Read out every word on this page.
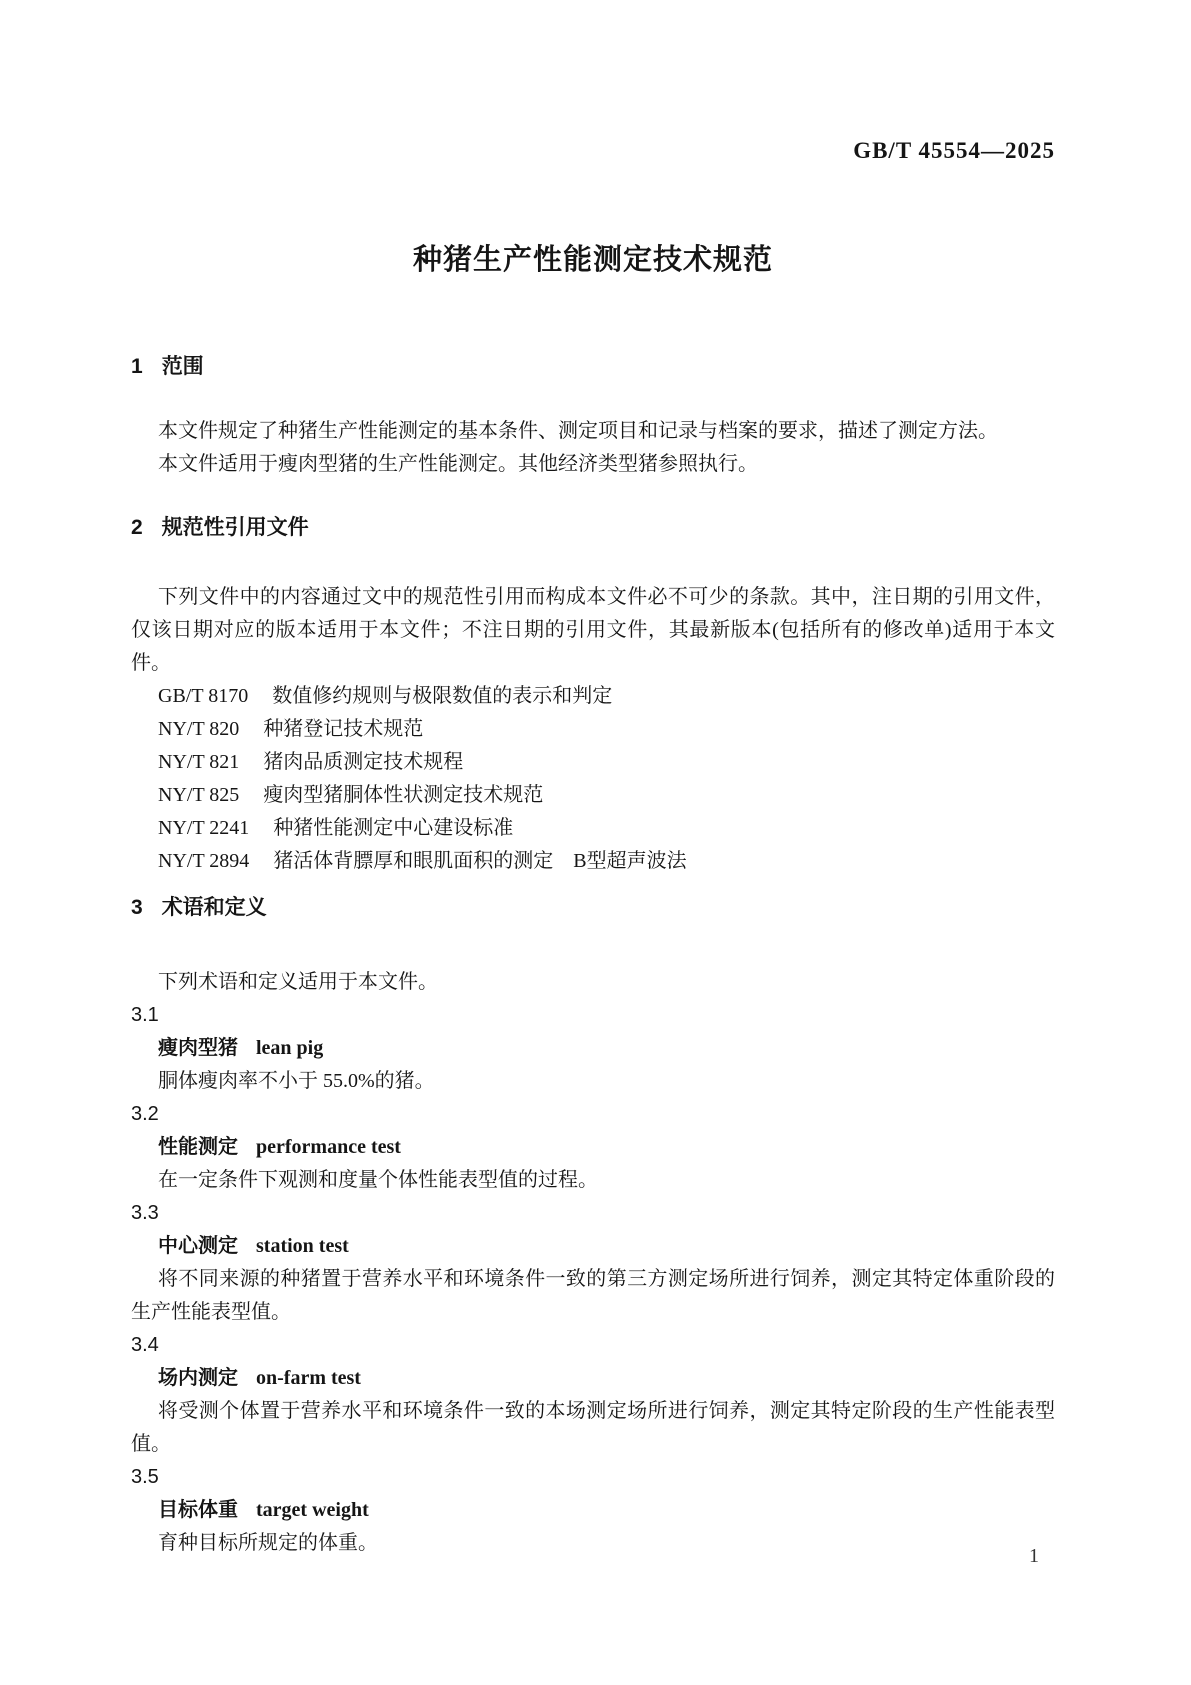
GB/T 45554—2025
种猪生产性能测定技术规范
1 范围

本文件规定了种猪生产性能测定的基本条件、测定项目和记录与档案的要求，描述了测定方法。

本文件适用于瘦肉型猪的生产性能测定。其他经济类型猪参照执行。

2 规范性引用文件

下列文件中的内容通过文中的规范性引用而构成本文件必不可少的条款。其中，注日期的引用文件，仅该日期对应的版本适用于本文件；不注日期的引用文件，其最新版本(包括所有的修改单)适用于本文件。

GB/T 8170 数值修约规则与极限数值的表示和判定
NY/T 820 种猪登记技术规范
NY/T 821 猪肉品质测定技术规程
NY/T 825 瘦肉型猪胴体性状测定技术规范
NY/T 2241 种猪性能测定中心建设标准
NY/T 2894 猪活体背膘厚和眼肌面积的测定　B型超声波法
3 术语和定义

下列术语和定义适用于本文件。

3.1
瘦肉型猪 lean pig

胴体瘦肉率不小于 55.0%的猪。

3.2
性能测定 performance test

在一定条件下观测和度量个体性能表型值的过程。

3.3
中心测定 station test

将不同来源的种猪置于营养水平和环境条件一致的第三方测定场所进行饲养，测定其特定体重阶段的生产性能表型值。

3.4
场内测定 on-farm test

将受测个体置于营养水平和环境条件一致的本场测定场所进行饲养，测定其特定阶段的生产性能表型值。

3.5
目标体重 target weight

育种目标所规定的体重。

1
